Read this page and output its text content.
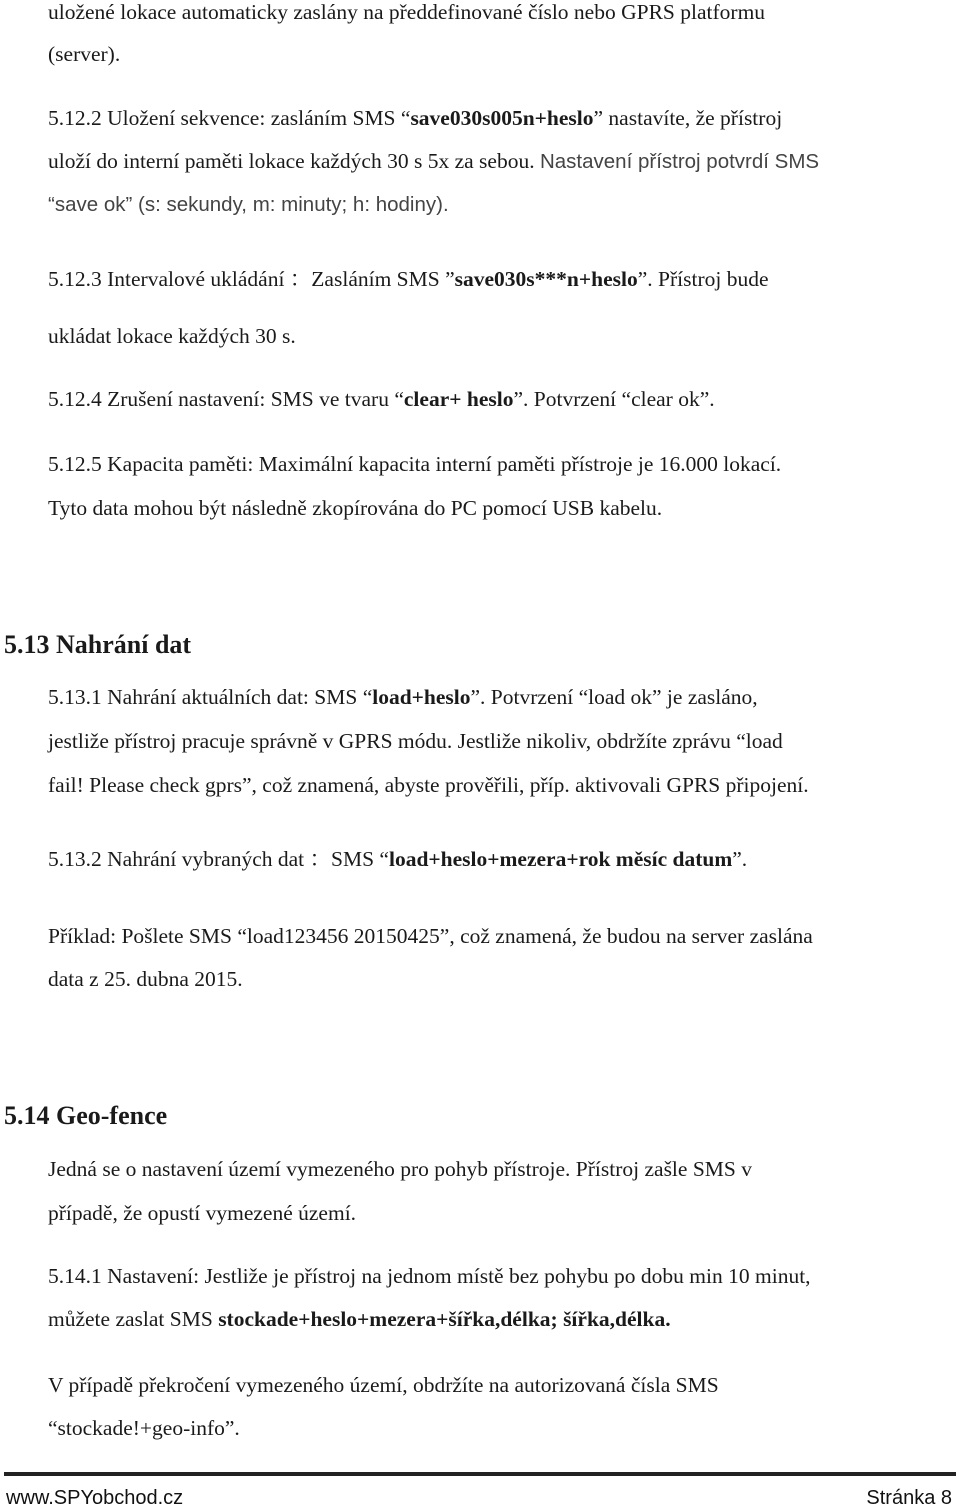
uložené lokace automaticky zaslány na předdefinované číslo nebo GPRS platformu
(server).
5.12.2 Uložení sekvence: zasláním SMS “save030s005n+heslo” nastavíte, že přístroj
uloží do interní paměti lokace každých 30 s 5x za sebou. Nastavení přístroj potvrdí SMS
“save ok” (s: sekundy, m: minuty; h: hodiny).
5.12.3 Intervalové ukládání ：Zasláním SMS ”save030s***n+heslo”. Přístroj bude
ukládat lokace každých 30 s.
5.12.4 Zrušení nastavení: SMS ve tvaru “clear+ heslo”. Potvrzení “clear ok”.
5.12.5 Kapacita paměti: Maximální kapacita interní paměti přístroje je 16.000 lokací.
Tyto data mohou být následně zkopírována do PC pomocí USB kabelu.
5.13 Nahrání dat
5.13.1 Nahrání aktuálních dat: SMS “load+heslo”. Potvrzení “load ok” je zasláno,
jestliže přístroj pracuje správně v GPRS módu. Jestliže nikoliv, obdržíte zprávu “load
fail! Please check gprs”, což znamená, abyste prověřili, příp. aktivovali GPRS připojení.
5.13.2 Nahrání vybraných dat ：SMS “load+heslo+mezera+rok měsíc datum”.
Příklad: Pošlete SMS “load123456 20150425”, což znamená, že budou na server zaslána
data z 25. dubna 2015.
5.14 Geo-fence
Jedná se o nastavení území vymezeného pro pohyb přístroje. Přístroj zašle SMS v
případě, že opustí vymezené území.
5.14.1 Nastavení: Jestliže je přístroj na jednom místě bez pohybu po dobu min 10 minut,
můžete zaslat SMS stockade+heslo+mezera+šířka,délka; šířka,délka.
V případě překročení vymezeného území, obdržíte na autorizovaná čísla SMS
“stockade!+geo-info”.
www.SPYobchod.cz	Stránka 8
